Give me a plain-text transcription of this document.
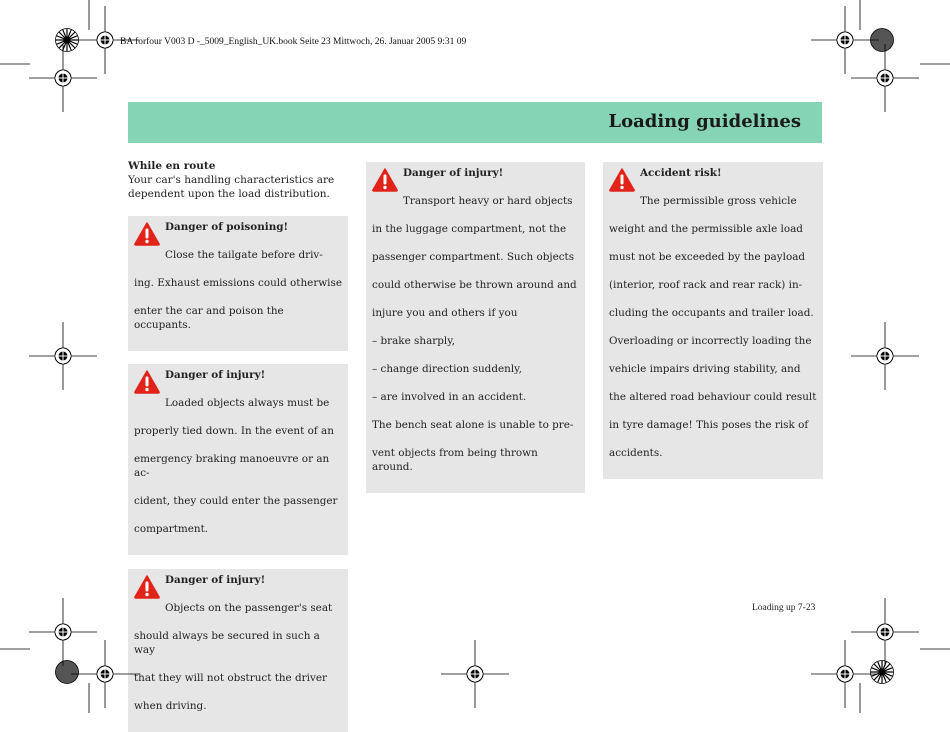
BA forfour V003 D -_5009_English_UK.book Seite 23 Mittwoch, 26. Januar 2005 9:31 09
Loading guidelines
While en route

Your car's handling characteristics are dependent upon the load distribution.

Danger of poisoning!

Close the tailgate before driv-

ing. Exhaust emissions could otherwise

enter the car and poison the occupants.

Danger of injury!

Loaded objects always must be

properly tied down. In the event of an

emergency braking manoeuvre or an ac-

cident, they could enter the passenger

compartment.

Danger of injury!

Objects on the passenger's seat

should always be secured in such a way

that they will not obstruct the driver

when driving.

Danger of injury!

Transport heavy or hard objects

in the luggage compartment, not the

passenger compartment. Such objects

could otherwise be thrown around and

injure you and others if you

– brake sharply,

– change direction suddenly,

– are involved in an accident.

The bench seat alone is unable to pre-

vent objects from being thrown around.

Accident risk!

The permissible gross vehicle

weight and the permissible axle load

must not be exceeded by the payload

(interior, roof rack and rear rack) in-

cluding the occupants and trailer load.

Overloading or incorrectly loading the

vehicle impairs driving stability, and

the altered road behaviour could result

in tyre damage! This poses the risk of

accidents.

Loading up 7-23
